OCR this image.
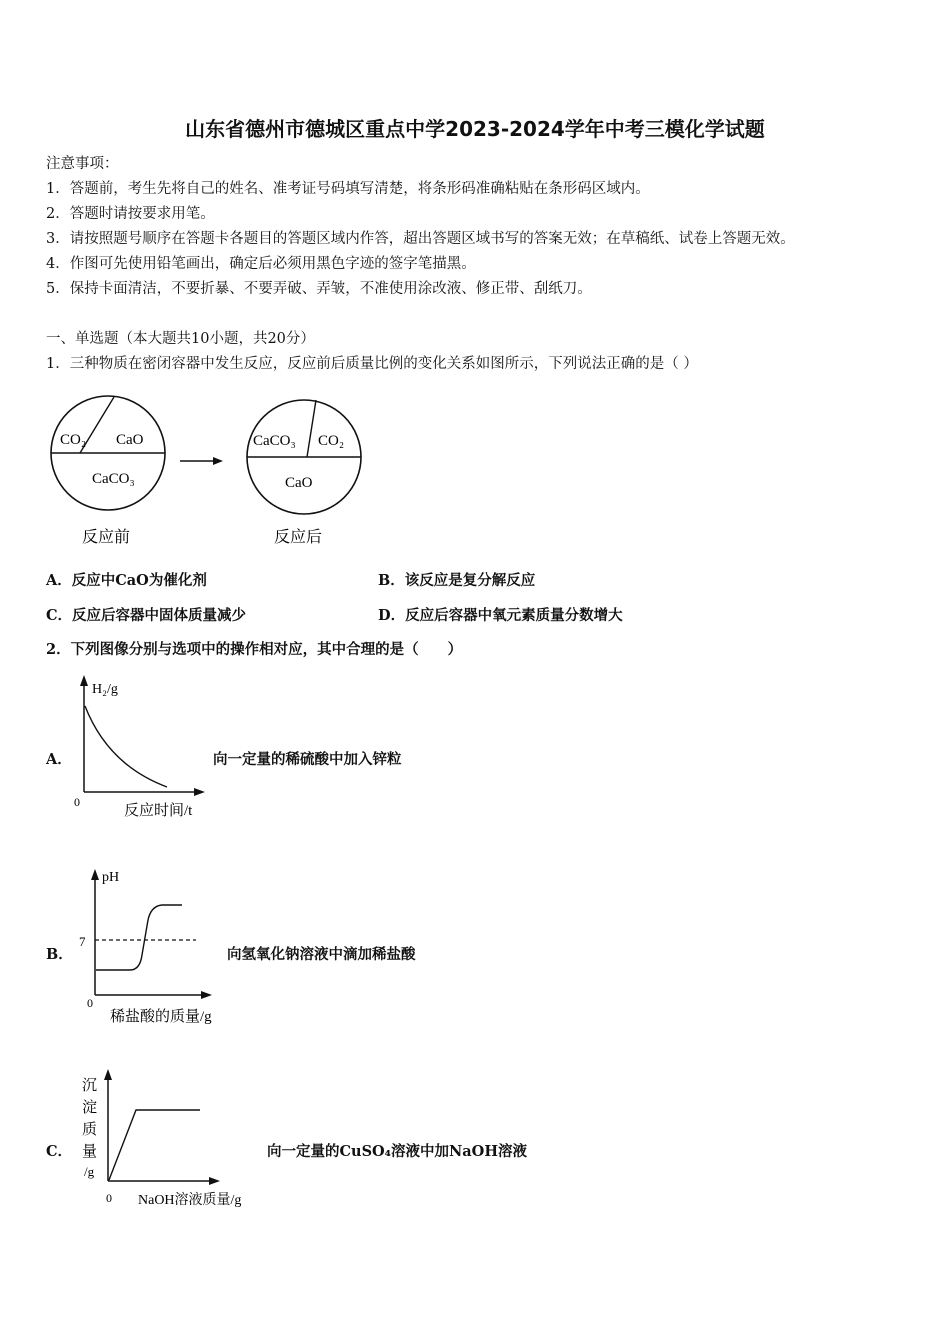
山东省德州市德城区重点中学2023-2024学年中考三模化学试题
注意事项：
1．答题前，考生先将自己的姓名、准考证号码填写清楚，将条形码准确粘贴在条形码区域内。
2．答题时请按要求用笔。
3．请按照题号顺序在答题卡各题目的答题区域内作答，超出答题区域书写的答案无效；在草稿纸、试卷上答题无效。
4．作图可先使用铅笔画出，确定后必须用黑色字迹的签字笔描黑。
5．保持卡面清洁，不要折暴、不要弄破、弄皱，不准使用涂改液、修正带、刮纸刀。
一、单选题（本大题共10小题，共20分）
1．三种物质在密闭容器中发生反应，反应前后质量比例的变化关系如图所示，下列说法正确的是（ ）
CO₂ CaO
CaCO₃
CaCO₃ CO₂
CaO
反应前	反应后
A．反应中CaO为催化剂	B．该反应是复分解反应
C．反应后容器中固体质量减少	D．反应后容器中氧元素质量分数增大
2．下列图像分别与选项中的操作相对应，其中合理的是（　　）
A．	向一定量的稀硫酸中加入锌粒
H₂/g
0
反应时间/t
B．	向氢氧化钠溶液中滴加稀盐酸
pH
7
0
稀盐酸的质量/g
C．	向一定量的CuSO₄溶液中加NaOH溶液
沉
淀
质
量
/g
0 NaOH溶液质量/g
